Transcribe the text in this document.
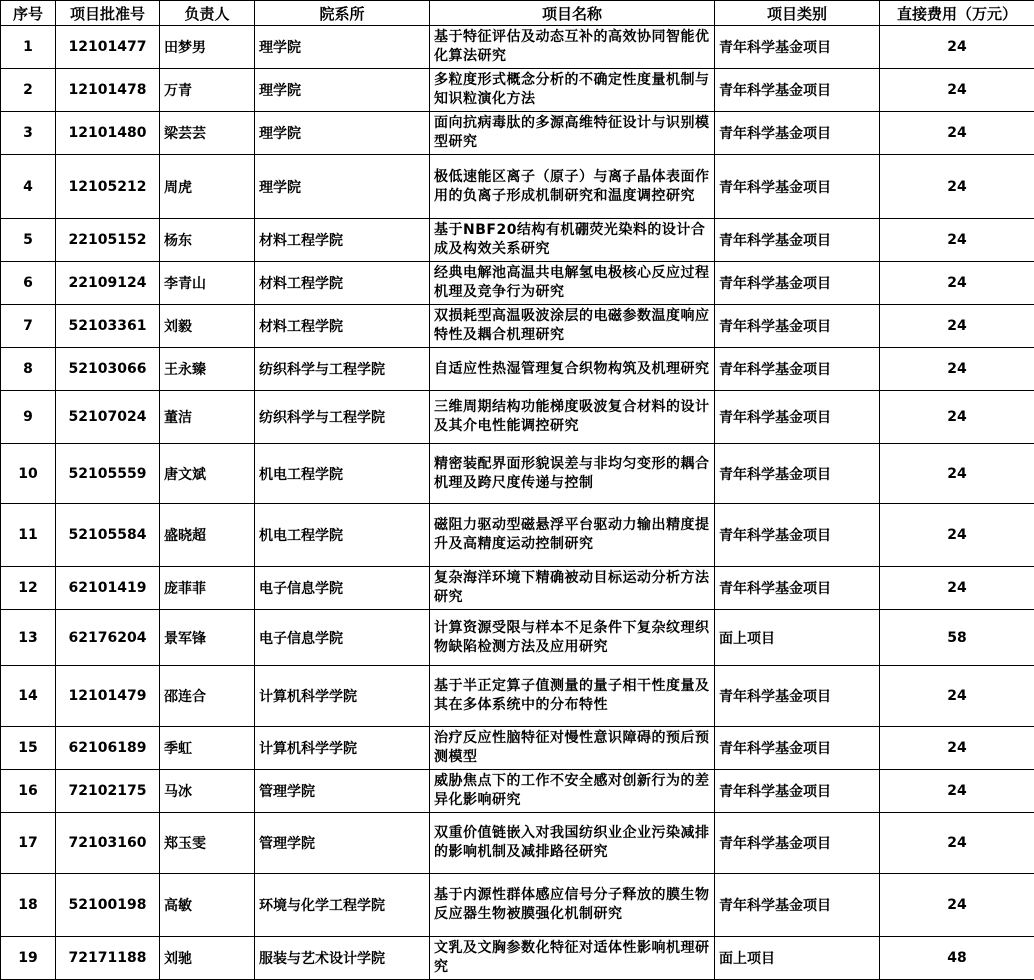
序号	项目批准号	负责人	院系所	项目名称	项目类别	直接费用（万元）
1	12101477	田梦男	理学院	基于特征评估及动态互补的高效协同智能优化算法研究	青年科学基金项目	24
2	12101478	万青	理学院	多粒度形式概念分析的不确定性度量机制与知识粒演化方法	青年科学基金项目	24
3	12101480	梁芸芸	理学院	面向抗病毒肽的多源高维特征设计与识别模型研究	青年科学基金项目	24
4	12105212	周虎	理学院	极低速能区离子（原子）与离子晶体表面作用的负离子形成机制研究和温度调控研究	青年科学基金项目	24
5	22105152	杨东	材料工程学院	基于NBF20结构有机硼荧光染料的设计合成及构效关系研究	青年科学基金项目	24
6	22109124	李青山	材料工程学院	经典电解池高温共电解氢电极核心反应过程机理及竞争行为研究	青年科学基金项目	24
7	52103361	刘毅	材料工程学院	双损耗型高温吸波涂层的电磁参数温度响应特性及耦合机理研究	青年科学基金项目	24
8	52103066	王永臻	纺织科学与工程学院	自适应性热湿管理复合织物构筑及机理研究	青年科学基金项目	24
9	52107024	董洁	纺织科学与工程学院	三维周期结构功能梯度吸波复合材料的设计及其介电性能调控研究	青年科学基金项目	24
10	52105559	唐文斌	机电工程学院	精密装配界面形貌误差与非均匀变形的耦合机理及跨尺度传递与控制	青年科学基金项目	24
11	52105584	盛晓超	机电工程学院	磁阻力驱动型磁悬浮平台驱动力输出精度提升及高精度运动控制研究	青年科学基金项目	24
12	62101419	庞菲菲	电子信息学院	复杂海洋环境下精确被动目标运动分析方法研究	青年科学基金项目	24
13	62176204	景军锋	电子信息学院	计算资源受限与样本不足条件下复杂纹理织物缺陷检测方法及应用研究	面上项目	58
14	12101479	邵连合	计算机科学学院	基于半正定算子值测量的量子相干性度量及其在多体系统中的分布特性	青年科学基金项目	24
15	62106189	季虹	计算机科学学院	治疗反应性脑特征对慢性意识障碍的预后预测模型	青年科学基金项目	24
16	72102175	马冰	管理学院	威胁焦点下的工作不安全感对创新行为的差异化影响研究	青年科学基金项目	24
17	72103160	郑玉雯	管理学院	双重价值链嵌入对我国纺织业企业污染减排的影响机制及减排路径研究	青年科学基金项目	24
18	52100198	高敏	环境与化学工程学院	基于内源性群体感应信号分子释放的膜生物反应器生物被膜强化机制研究	青年科学基金项目	24
19	72171188	刘驰	服装与艺术设计学院	文乳及文胸参数化特征对适体性影响机理研究	面上项目	48
